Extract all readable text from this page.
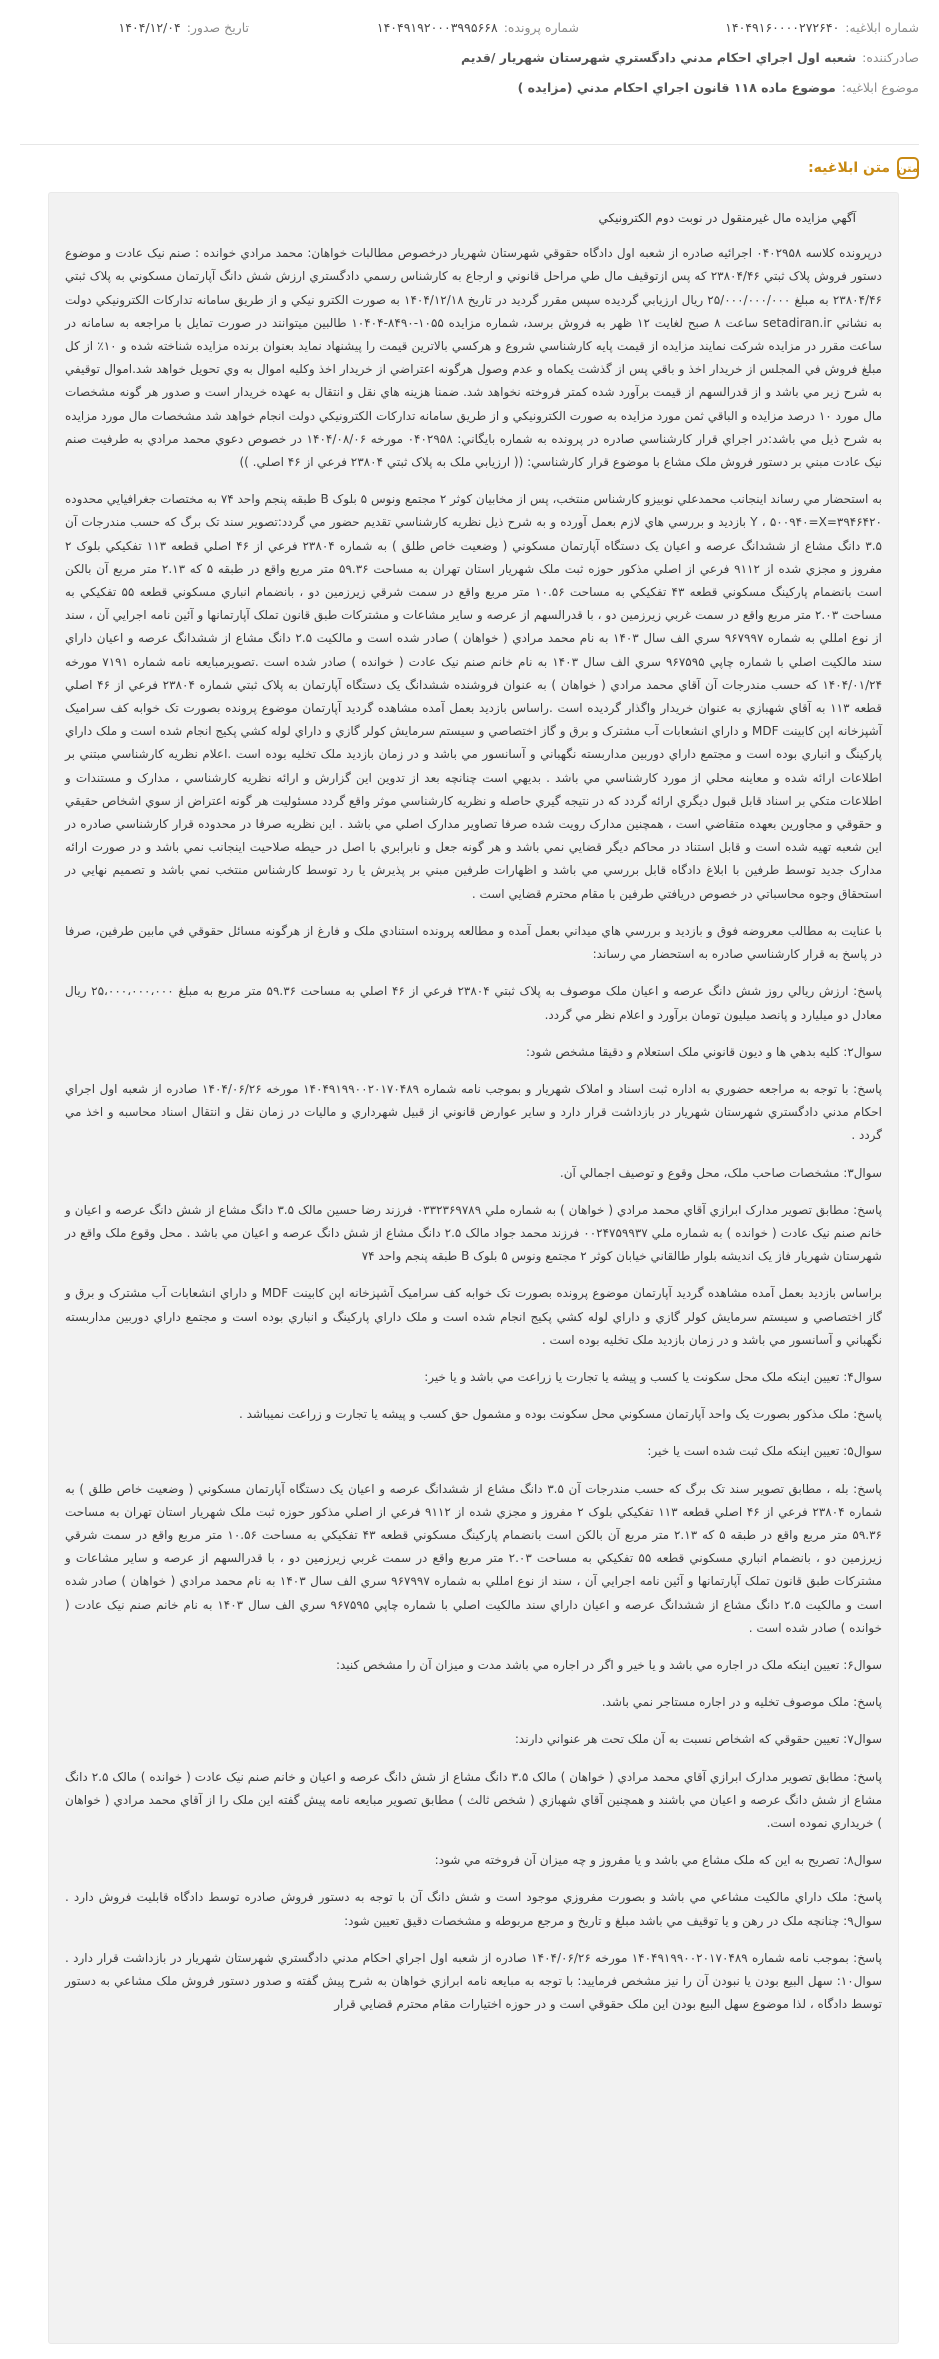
شماره ابلاغيه:
۱۴۰۴۹۱۶۰۰۰۰۲۷۲۶۴۰
شماره پرونده:
۱۴۰۴۹۱۹۲۰۰۰۳۹۹۵۶۶۸
تاريخ صدور:
۱۴۰۴/۱۲/۰۴
صادرکننده:
شعبه اول اجراي احکام مدني دادگستري شهرستان شهريار /قديم
موضوع ابلاغيه:
موضوع ماده ۱۱۸ قانون اجراي احکام مدني (مزايده )
متن
متن ابلاغيه:

آگهي مزايده مال غيرمنقول در نوبت دوم الکترونيکي

درپرونده کلاسه ۰۴۰۲۹۵۸ اجرائيه صادره از شعبه اول دادگاه حقوقي شهرستان شهريار درخصوص مطالبات خواهان: محمد مرادي خوانده : صنم نيک عادت و موضوع دستور فروش پلاک ثبتي ۲۳۸۰۴/۴۶ که پس ازتوقيف مال طي مراحل قانوني و ارجاع به کارشناس رسمي دادگستري ارزش شش دانگ آپارتمان مسکوني به پلاک ثبتي ۲۳۸۰۴/۴۶ به مبلغ ۲۵/۰۰۰/۰۰۰/۰۰۰ ريال ارزيابي گرديده سپس مقرر گرديد در تاريخ ۱۴۰۴/۱۲/۱۸ به صورت الکترو نيکي و از طريق سامانه تدارکات الکترونيکي دولت به نشاني setadiran.ir ساعت ۸ صبح لغايت ۱۲ ظهر به فروش برسد، شماره مزايده ۱۰۵۵-۸۴۹۰-۱۰۴۰۴ طالبين ميتوانند در صورت تمايل با مراجعه به سامانه در ساعت مقرر در مزايده شرکت نمايند مزايده از قيمت پايه کارشناسي شروع و هرکسي بالاترين قيمت را پيشنهاد نمايد بعنوان برنده مزايده شناخته شده و ۱۰٪ از کل مبلغ فروش في المجلس از خريدار اخذ و باقي پس از گذشت يکماه و عدم وصول هرگونه اعتراضي از خريدار اخذ وکليه اموال به وي تحويل خواهد شد.اموال توقيفي به شرح زير مي باشد و از قدرالسهم از قيمت برآورد شده کمتر فروخته نخواهد شد. ضمنا هزينه هاي نقل و انتقال به عهده خريدار است و صدور هر گونه مشخصات مال مورد ۱۰ درصد مزايده و الباقي ثمن مورد مزايده به صورت الکترونيکي و از طريق سامانه تدارکات الکترونيکي دولت انجام خواهد شد مشخصات مال مورد مزايده به شرح ذيل مي باشد:در اجراي قرار کارشناسي صادره در پرونده به شماره بايگاني: ۰۴۰۲۹۵۸ مورخه ۱۴۰۴/۰۸/۰۶ در خصوص دعوي محمد مرادي به طرفيت صنم نيک عادت مبني بر دستور فروش ملک مشاع با موضوع قرار کارشناسي: (( ارزيابي ملک به پلاک ثبتي ۲۳۸۰۴ فرعي از ۴۶ اصلي. ))

به استحضار مي رساند اينجانب محمدعلي نوبيزو کارشناس منتخب، پس از مخابيان کوثر ۲ مجتمع ونوس ۵ بلوک B طبقه پنجم واحد ۷۴ به مختصات جغرافيايي محدوده ۳۹۴۶۴۲۰=Y ، ۵۰۰۹۴۰=X بازديد و بررسي هاي لازم بعمل آورده و به شرح ذيل نظريه کارشناسي تقديم حضور مي گردد:تصوير سند تک برگ که حسب مندرجات آن ۳.۵ دانگ مشاع از ششدانگ عرصه و اعيان يک دستگاه آپارتمان مسکوني ( وضعيت خاص طلق ) به شماره ۲۳۸۰۴ فرعي از ۴۶ اصلي قطعه ۱۱۳ تفکيکي بلوک ۲ مفروز و مجزي شده از ۹۱۱۲ فرعي از اصلي مذکور حوزه ثبت ملک شهريار استان تهران به مساحت ۵۹.۳۶ متر مربع واقع در طبقه ۵ که ۲.۱۳ متر مربع آن بالکن است بانضمام پارکينگ مسکوني قطعه ۴۳ تفکيکي به مساحت ۱۰.۵۶ متر مربع واقع در سمت شرقي زيرزمين دو ، بانضمام انباري مسکوني قطعه ۵۵ تفکيکي به مساحت ۲.۰۳ متر مربع واقع در سمت غربي زيرزمين دو ، با قدرالسهم از عرصه و ساير مشاعات و مشترکات طبق قانون تملک آپارتمانها و آئين نامه اجرايي آن ، سند از نوع امللي به شماره ۹۶۷۹۹۷ سري الف سال ۱۴۰۳ به نام محمد مرادي ( خواهان ) صادر شده است و مالکيت ۲.۵ دانگ مشاع از ششدانگ عرصه و اعيان داراي سند مالکيت اصلي با شماره چاپي ۹۶۷۵۹۵ سري الف سال ۱۴۰۳ به نام خانم صنم نيک عادت ( خوانده ) صادر شده است .تصويرمبايعه نامه شماره ۷۱۹۱ مورخه ۱۴۰۴/۰۱/۲۴ که حسب مندرجات آن آقاي محمد مرادي ( خواهان ) به عنوان فروشنده ششدانگ يک دستگاه آپارتمان به پلاک ثبتي شماره ۲۳۸۰۴ فرعي از ۴۶ اصلي قطعه ۱۱۳ به آقاي شهبازي به عنوان خريدار واگذار گرديده است .راساس بازديد بعمل آمده مشاهده گرديد آپارتمان موضوع پرونده بصورت تک خوابه کف سراميک آشپزخانه اپن کابينت MDF و داراي انشعابات آب مشترک و برق و گاز اختصاصي و سيستم سرمايش کولر گازي و داراي لوله کشي پکيج انجام شده است و ملک داراي پارکينگ و انباري بوده است و مجتمع داراي دوربين مداربسته نگهباني و آسانسور مي باشد و در زمان بازديد ملک تخليه بوده است .اعلام نظريه کارشناسي مبتني بر اطلاعات ارائه شده و معاينه محلي از مورد کارشناسي مي باشد . بديهي است چنانچه بعد از تدوين اين گزارش و ارائه نظريه کارشناسي ، مدارک و مستندات و اطلاعات متکي بر اسناد قابل قبول ديگري ارائه گردد که در نتيجه گيري حاصله و نظريه کارشناسي موثر واقع گردد مسئوليت هر گونه اعتراض از سوي اشخاص حقيقي و حقوقي و مجاورين بعهده متقاضي است ، همچنين مدارک رويت شده صرفا تصاوير مدارک اصلي مي باشد . اين نظريه صرفا در محدوده قرار کارشناسي صادره در اين شعبه تهيه شده است و قابل استناد در محاکم ديگر قضايي نمي باشد و هر گونه جعل و نابرابري با اصل در حيطه صلاحيت اينجانب نمي باشد و در صورت ارائه مدارک جديد توسط طرفين با ابلاغ دادگاه قابل بررسي مي باشد و اظهارات طرفين مبني بر پذيرش يا رد توسط کارشناس منتخب نمي باشد و تصميم نهايي در استحقاق وجوه محاسباتي در خصوص دريافتي طرفين با مقام محترم قضايي است .

با عنايت به مطالب معروضه فوق و بازديد و بررسي هاي ميداني بعمل آمده و مطالعه پرونده استنادي ملک و فارغ از هرگونه مسائل حقوقي في مابين طرفين، صرفا در پاسخ به قرار کارشناسي صادره به استحضار مي رساند:

پاسخ: ارزش ريالي روز شش دانگ عرصه و اعيان ملک موصوف به پلاک ثبتي ۲۳۸۰۴ فرعي از ۴۶ اصلي به مساحت ۵۹.۳۶ متر مربع به مبلغ ۲۵،۰۰۰،۰۰۰،۰۰۰ ريال معادل دو ميليارد و پانصد ميليون تومان برآورد و اعلام نظر مي گردد.

سوال۲: کليه بدهي ها و ديون قانوني ملک استعلام و دقيقا مشخص شود:

پاسخ: با توجه به مراجعه حضوري به اداره ثبت اسناد و املاک شهريار و بموجب نامه شماره ۱۴۰۴۹۱۹۹۰۰۲۰۱۷۰۴۸۹ مورخه ۱۴۰۴/۰۶/۲۶ صادره از شعبه اول اجراي احکام مدني دادگستري شهرستان شهريار در بازداشت قرار دارد و ساير عوارض قانوني از قبيل شهرداري و ماليات در زمان نقل و انتقال اسناد محاسبه و اخذ مي گردد .

سوال۳: مشخصات صاحب ملک، محل وقوع و توصيف اجمالي آن.

پاسخ: مطابق تصوير مدارک ابرازي آقاي محمد مرادي ( خواهان ) به شماره ملي ۰۳۳۲۳۶۹۷۸۹ فرزند رضا حسين مالک ۳.۵ دانگ مشاع از شش دانگ عرصه و اعيان و خانم صنم نيک عادت ( خوانده ) به شماره ملي ۰۰۲۴۷۵۹۹۳۷ فرزند محمد جواد مالک ۲.۵ دانگ مشاع از شش دانگ عرصه و اعيان مي باشد . محل وقوع ملک واقع در شهرستان شهريار فاز يک انديشه بلوار طالقاني خيابان کوثر ۲ مجتمع ونوس ۵ بلوک B طبقه پنجم واحد ۷۴

براساس بازديد بعمل آمده مشاهده گرديد آپارتمان موضوع پرونده بصورت تک خوابه کف سراميک آشپزخانه اپن کابينت MDF و داراي انشعابات آب مشترک و برق و گاز اختصاصي و سيستم سرمايش کولر گازي و داراي لوله کشي پکيج انجام شده است و ملک داراي پارکينگ و انباري بوده است و مجتمع داراي دوربين مداربسته نگهباني و آسانسور مي باشد و در زمان بازديد ملک تخليه بوده است .

سوال۴: تعيين اينکه ملک محل سکونت يا کسب و پيشه يا تجارت يا زراعت مي باشد و يا خير:

پاسخ: ملک مذکور بصورت يک واحد آپارتمان مسکوني محل سکونت بوده و مشمول حق کسب و پيشه يا تجارت و زراعت نميباشد .

سوال۵: تعيين اينکه ملک ثبت شده است يا خير:

پاسخ: بله ، مطابق تصوير سند تک برگ که حسب مندرجات آن ۳.۵ دانگ مشاع از ششدانگ عرصه و اعيان يک دستگاه آپارتمان مسکوني ( وضعيت خاص طلق ) به شماره ۲۳۸۰۴ فرعي از ۴۶ اصلي قطعه ۱۱۳ تفکيکي بلوک ۲ مفروز و مجزي شده از ۹۱۱۲ فرعي از اصلي مذکور حوزه ثبت ملک شهريار استان تهران به مساحت ۵۹.۳۶ متر مربع واقع در طبقه ۵ که ۲.۱۳ متر مربع آن بالکن است بانضمام پارکينگ مسکوني قطعه ۴۳ تفکيکي به مساحت ۱۰.۵۶ متر مربع واقع در سمت شرقي زيرزمين دو ، بانضمام انباري مسکوني قطعه ۵۵ تفکيکي به مساحت ۲.۰۳ متر مربع واقع در سمت غربي زيرزمين دو ، با قدرالسهم از عرصه و ساير مشاعات و مشترکات طبق قانون تملک آپارتمانها و آئين نامه اجرايي آن ، سند از نوع امللي به شماره ۹۶۷۹۹۷ سري الف سال ۱۴۰۳ به نام محمد مرادي ( خواهان ) صادر شده است و مالکيت ۲.۵ دانگ مشاع از ششدانگ عرصه و اعيان داراي سند مالکيت اصلي با شماره چاپي ۹۶۷۵۹۵ سري الف سال ۱۴۰۳ به نام خانم صنم نيک عادت ( خوانده ) صادر شده است .

سوال۶: تعيين اينکه ملک در اجاره مي باشد و يا خير و اگر در اجاره مي باشد مدت و ميزان آن را مشخص کنيد:

پاسخ: ملک موصوف تخليه و در اجاره مستاجر نمي باشد.

سوال۷: تعيين حقوقي که اشخاص نسبت به آن ملک تحت هر عنواني دارند:

پاسخ: مطابق تصوير مدارک ابرازي آقاي محمد مرادي ( خواهان ) مالک ۳.۵ دانگ مشاع از شش دانگ عرصه و اعيان و خانم صنم نيک عادت ( خوانده ) مالک ۲.۵ دانگ مشاع از شش دانگ عرصه و اعيان مي باشند و همچنين آقاي شهبازي ( شخص ثالث ) مطابق تصوير مبايعه نامه پيش گفته اين ملک را از آقاي محمد مرادي ( خواهان ) خريداري نموده است.

سوال۸: تصريح به اين که ملک مشاع مي باشد و يا مفروز و چه ميزان آن فروخته مي شود:

پاسخ: ملک داراي مالکيت مشاعي مي باشد و بصورت مفروزي موجود است و شش دانگ آن با توجه به دستور فروش صادره توسط دادگاه قابليت فروش دارد . سوال۹: چنانچه ملک در رهن و يا توقيف مي باشد مبلغ و تاريخ و مرجع مربوطه و مشخصات دقيق تعيين شود:

پاسخ: بموجب نامه شماره ۱۴۰۴۹۱۹۹۰۰۲۰۱۷۰۴۸۹ مورخه ۱۴۰۴/۰۶/۲۶ صادره از شعبه اول اجراي احکام مدني دادگستري شهرستان شهريار در بازداشت قرار دارد . سوال۱۰: سهل البيع بودن يا نبودن آن را نيز مشخص فرماييد: با توجه به مبايعه نامه ابرازي خواهان به شرح پيش گفته و صدور دستور فروش ملک مشاعي به دستور توسط دادگاه ، لذا موضوع سهل البيع بودن اين ملک حقوقي است و در حوزه اختيارات مقام محترم قضايي قرار
